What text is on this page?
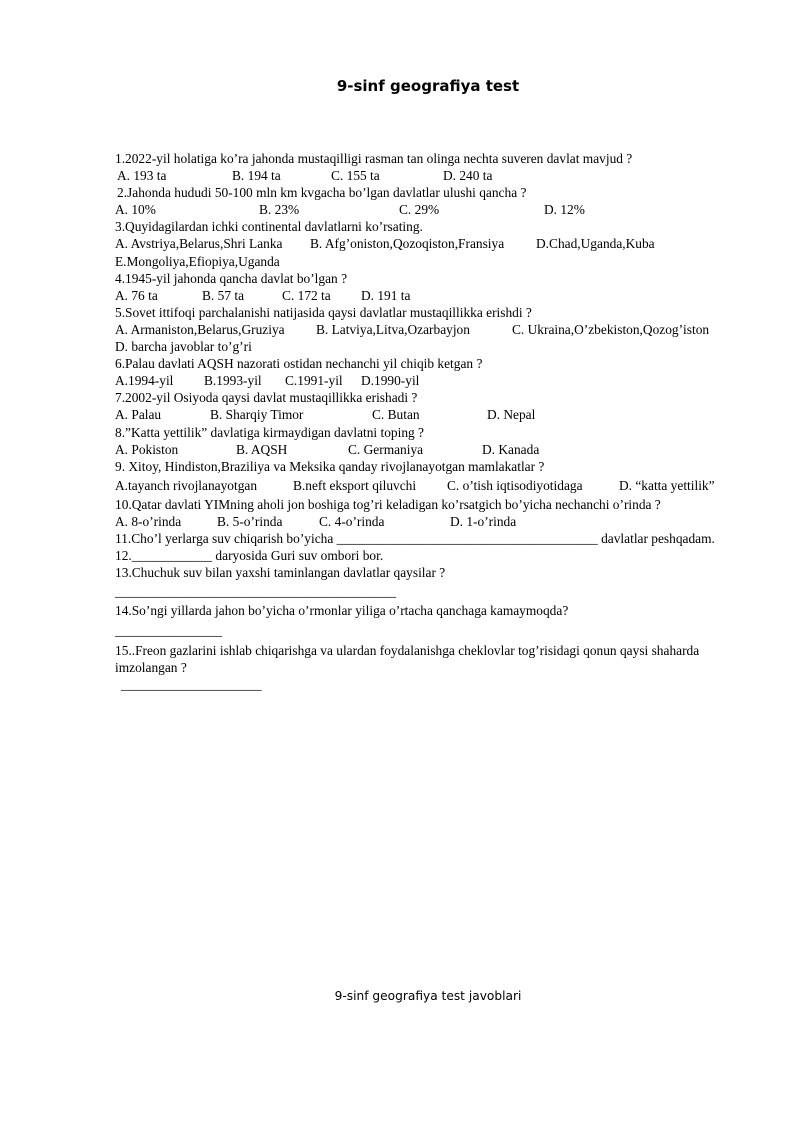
9-sinf geografiya test
1.2022-yil holatiga ko’ra jahonda mustaqilligi rasman tan olinga nechta suveren davlat mavjud ?
A. 193 ta	B. 194 ta	C. 155 ta	D. 240 ta
2.Jahonda hududi 50-100 mln km kvgacha bo’lgan davlatlar ulushi qancha ?
A. 10%	B. 23%	C. 29%	D. 12%
3.Quyidagilardan ichki continental davlatlarni ko’rsating.
A. Avstriya,Belarus,Shri Lanka B. Afg’oniston,Qozoqiston,Fransiya D.Chad,Uganda,Kuba
E.Mongoliya,Efiopiya,Uganda
4.1945-yil jahonda qancha davlat bo’lgan ?
A. 76 ta	B. 57 ta	C. 172 ta D. 191 ta
5.Sovet ittifoqi parchalanishi natijasida qaysi davlatlar mustaqillikka erishdi ?
A. Armaniston,Belarus,Gruziya B. Latviya,Litva,Ozarbayjon	C. Ukraina,O’zbekiston,Qozog’iston
D. barcha javoblar to’g’ri
6.Palau davlati AQSH nazorati ostidan nechanchi yil chiqib ketgan ?
A.1994-yil B.1993-yil C.1991-yil D.1990-yil
7.2002-yil Osiyoda qaysi davlat mustaqillikka erishadi ?
A. Palau	B. Sharqiy Timor	C. Butan	D. Nepal
8.”Katta yettilik” davlatiga kirmaydigan davlatni toping ?
A. Pokiston	B. AQSH	C. Germaniya	D. Kanada
9. Xitoy, Hindiston,Braziliya va Meksika qanday rivojlanayotgan mamlakatlar ?
A.tayanch rivojlanayotgan	B.neft eksport qiluvchi C. o’tish iqtisodiyotidaga	D. “katta yettilik”
10.Qatar davlati YIMning aholi jon boshiga tog’ri keladigan ko’rsatgich bo’yicha nechanchi o’rinda ?
A. 8-o’rinda	B. 5-o’rinda	C. 4-o’rinda	D. 1-o’rinda
11.Cho’l yerlarga suv chiqarish bo’yicha _______________________________________ davlatlar peshqadam.
12.____________ daryosida Guri suv ombori bor.
13.Chuchuk suv bilan yaxshi taminlangan davlatlar qaysilar ?
__________________________________________
14.So’ngi yillarda jahon bo’yicha o’rmonlar yiliga o’rtacha qanchaga kamaymoqda?
________________
15..Freon gazlarini ishlab chiqarishga va ulardan foydalanishga cheklovlar tog’risidagi qonun qaysi shaharda imzolangan ?
_____________________
9-sinf geografiya test javoblari
